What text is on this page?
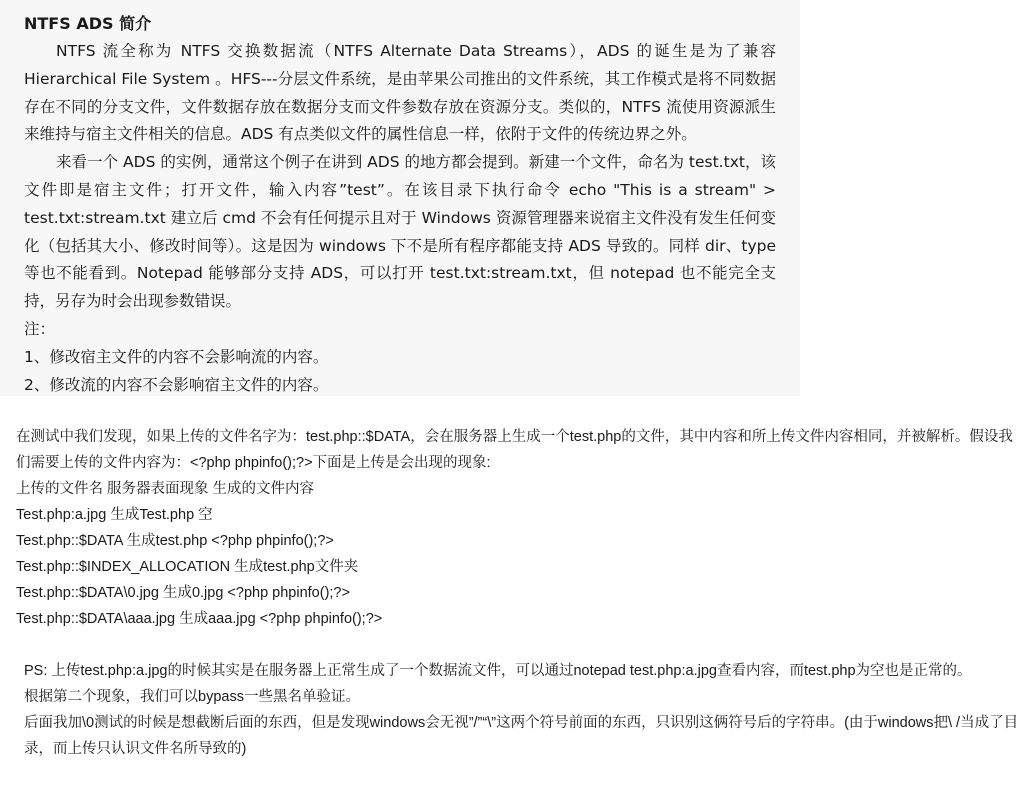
NTFS ADS 简介

NTFS 流全称为 NTFS 交换数据流（NTFS Alternate Data Streams），ADS 的诞生是为了兼容 Hierarchical File System 。HFS---分层文件系统，是由苹果公司推出的文件系统，其工作模式是将不同数据存在不同的分支文件，文件数据存放在数据分支而文件参数存放在资源分支。类似的，NTFS 流使用资源派生来维持与宿主文件相关的信息。ADS 有点类似文件的属性信息一样，依附于文件的传统边界之外。

来看一个 ADS 的实例，通常这个例子在讲到 ADS 的地方都会提到。新建一个文件，命名为 test.txt，该文件即是宿主文件；打开文件，输入内容”test”。在该目录下执行命令 echo "This is a stream" > test.txt:stream.txt 建立后 cmd 不会有任何提示且对于 Windows 资源管理器来说宿主文件没有发生任何变化（包括其大小、修改时间等）。这是因为 windows 下不是所有程序都能支持 ADS 导致的。同样 dir、type 等也不能看到。Notepad 能够部分支持 ADS，可以打开 test.txt:stream.txt，但 notepad 也不能完全支持，另存为时会出现参数错误。

注：

1、修改宿主文件的内容不会影响流的内容。

2、修改流的内容不会影响宿主文件的内容。

在测试中我们发现，如果上传的文件名字为：test.php::$DATA，会在服务器上生成一个test.php的文件，其中内容和所上传文件内容相同，并被解析。假设我们需要上传的文件内容为：<?php phpinfo();?>下面是上传是会出现的现象:

上传的文件名 服务器表面现象 生成的文件内容

Test.php:a.jpg 生成Test.php 空

Test.php::$DATA 生成test.php <?php phpinfo();?>

Test.php::$INDEX_ALLOCATION 生成test.php文件夹

Test.php::$DATA\0.jpg 生成0.jpg <?php phpinfo();?>

Test.php::$DATA\aaa.jpg 生成aaa.jpg <?php phpinfo();?>

PS: 上传test.php:a.jpg的时候其实是在服务器上正常生成了一个数据流文件，可以通过notepad test.php:a.jpg查看内容，而test.php为空也是正常的。

根据第二个现象，我们可以bypass一些黑名单验证。

后面我加\0测试的时候是想截断后面的东西，但是发现windows会无视”/”“\”这两个符号前面的东西，只识别这俩符号后的字符串。(由于windows把\ /当成了目录，而上传只认识文件名所导致的)
